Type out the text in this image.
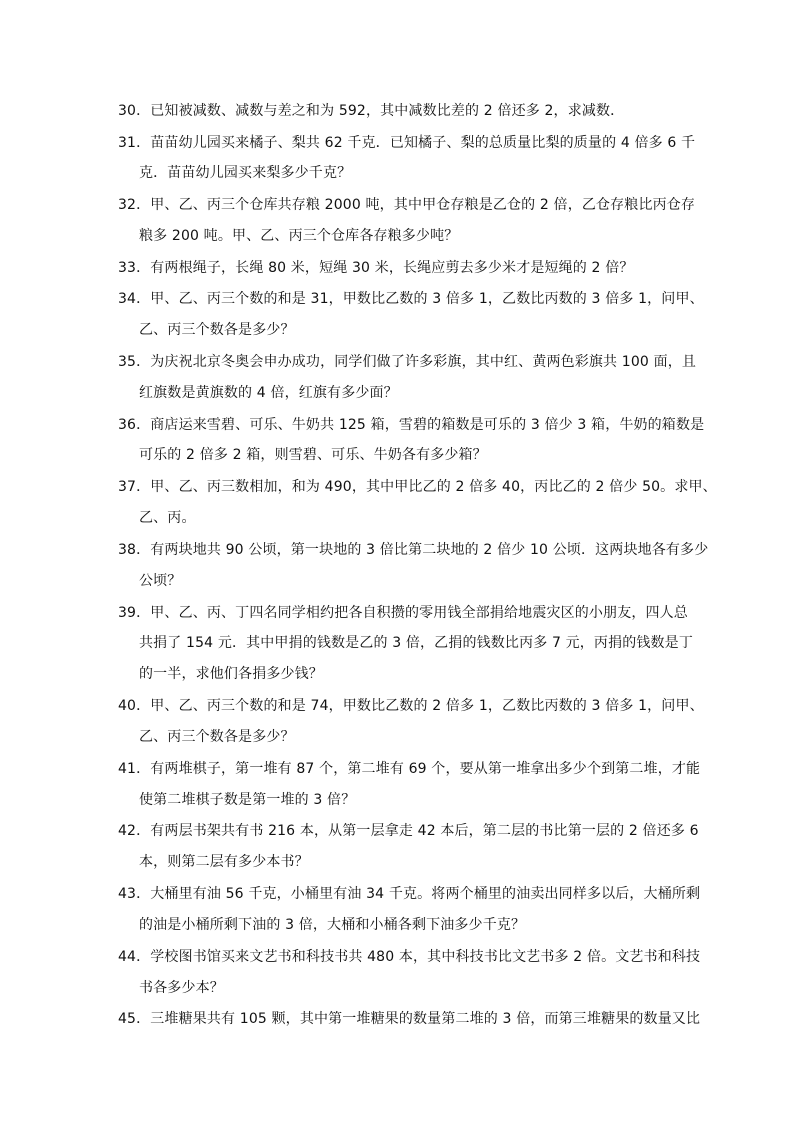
30．已知被减数、减数与差之和为 592，其中减数比差的 2 倍还多 2，求减数．
31．苗苗幼儿园买来橘子、梨共 62 千克．已知橘子、梨的总质量比梨的质量的 4 倍多 6 千
克．苗苗幼儿园买来梨多少千克？
32．甲、乙、丙三个仓库共存粮 2000 吨，其中甲仓存粮是乙仓的 2 倍，乙仓存粮比丙仓存
粮多 200 吨。甲、乙、丙三个仓库各存粮多少吨？
33．有两根绳子，长绳 80 米，短绳 30 米，长绳应剪去多少米才是短绳的 2 倍？
34．甲、乙、丙三个数的和是 31，甲数比乙数的 3 倍多 1，乙数比丙数的 3 倍多 1，问甲、
乙、丙三个数各是多少？
35．为庆祝北京冬奥会申办成功，同学们做了许多彩旗，其中红、黄两色彩旗共 100 面，且
红旗数是黄旗数的 4 倍，红旗有多少面？
36．商店运来雪碧、可乐、牛奶共 125 箱，雪碧的箱数是可乐的 3 倍少 3 箱，牛奶的箱数是
可乐的 2 倍多 2 箱，则雪碧、可乐、牛奶各有多少箱？
37．甲、乙、丙三数相加，和为 490，其中甲比乙的 2 倍多 40，丙比乙的 2 倍少 50。求甲、
乙、丙。
38．有两块地共 90 公顷，第一块地的 3 倍比第二块地的 2 倍少 10 公顷．这两块地各有多少
公顷？
39．甲、乙、丙、丁四名同学相约把各自积攒的零用钱全部捐给地震灾区的小朋友，四人总
共捐了 154 元．其中甲捐的钱数是乙的 3 倍，乙捐的钱数比丙多 7 元，丙捐的钱数是丁
的一半，求他们各捐多少钱？
40．甲、乙、丙三个数的和是 74，甲数比乙数的 2 倍多 1，乙数比丙数的 3 倍多 1，问甲、
乙、丙三个数各是多少？
41．有两堆棋子，第一堆有 87 个，第二堆有 69 个，要从第一堆拿出多少个到第二堆，才能
使第二堆棋子数是第一堆的 3 倍？
42．有两层书架共有书 216 本，从第一层拿走 42 本后，第二层的书比第一层的 2 倍还多 6
本，则第二层有多少本书？
43．大桶里有油 56 千克，小桶里有油 34 千克。将两个桶里的油卖出同样多以后，大桶所剩
的油是小桶所剩下油的 3 倍，大桶和小桶各剩下油多少千克？
44．学校图书馆买来文艺书和科技书共 480 本，其中科技书比文艺书多 2 倍。文艺书和科技
书各多少本？
45．三堆糖果共有 105 颗，其中第一堆糖果的数量第二堆的 3 倍，而第三堆糖果的数量又比
